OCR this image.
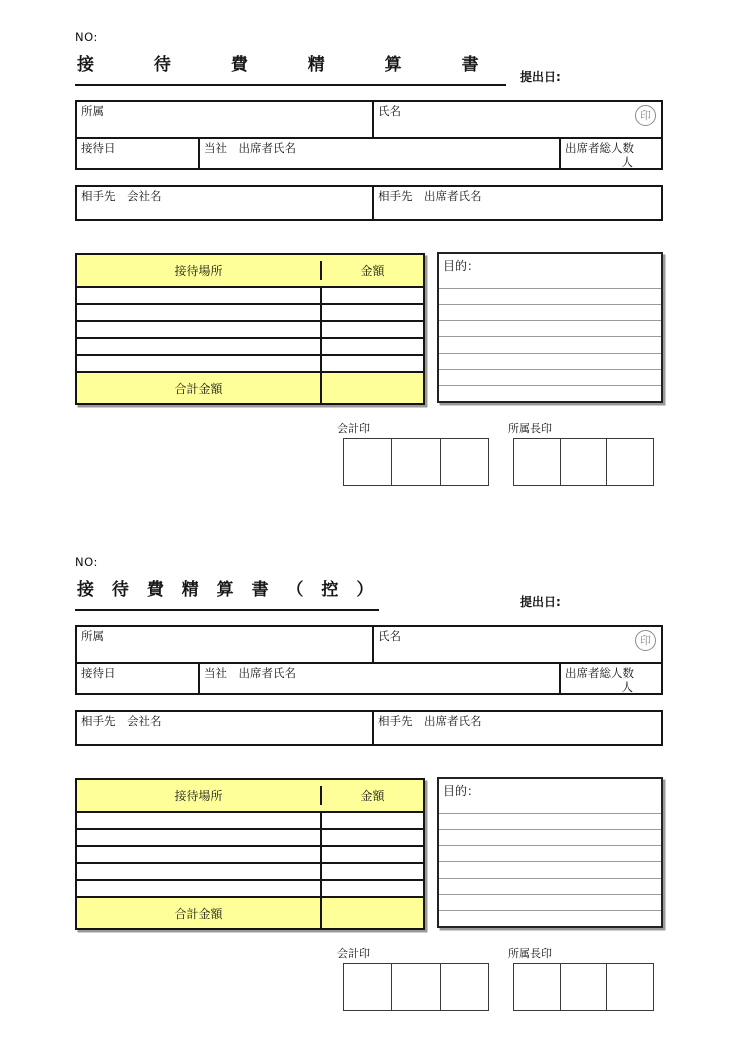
NO:
接 待 費 精 算 書
提出日:
所属	氏名	印
接待日	当社　出席者氏名	出席者総人数
人
相手先　会社名	相手先　出席者氏名
接待場所	金額
合計金額
目的：
会計印	所属長印
NO:
接 待 費 精 算 書 （ 控 ）
提出日:
所属	氏名	印
接待日	当社　出席者氏名	出席者総人数
人
相手先　会社名	相手先　出席者氏名
接待場所	金額
合計金額
目的：
会計印	所属長印
